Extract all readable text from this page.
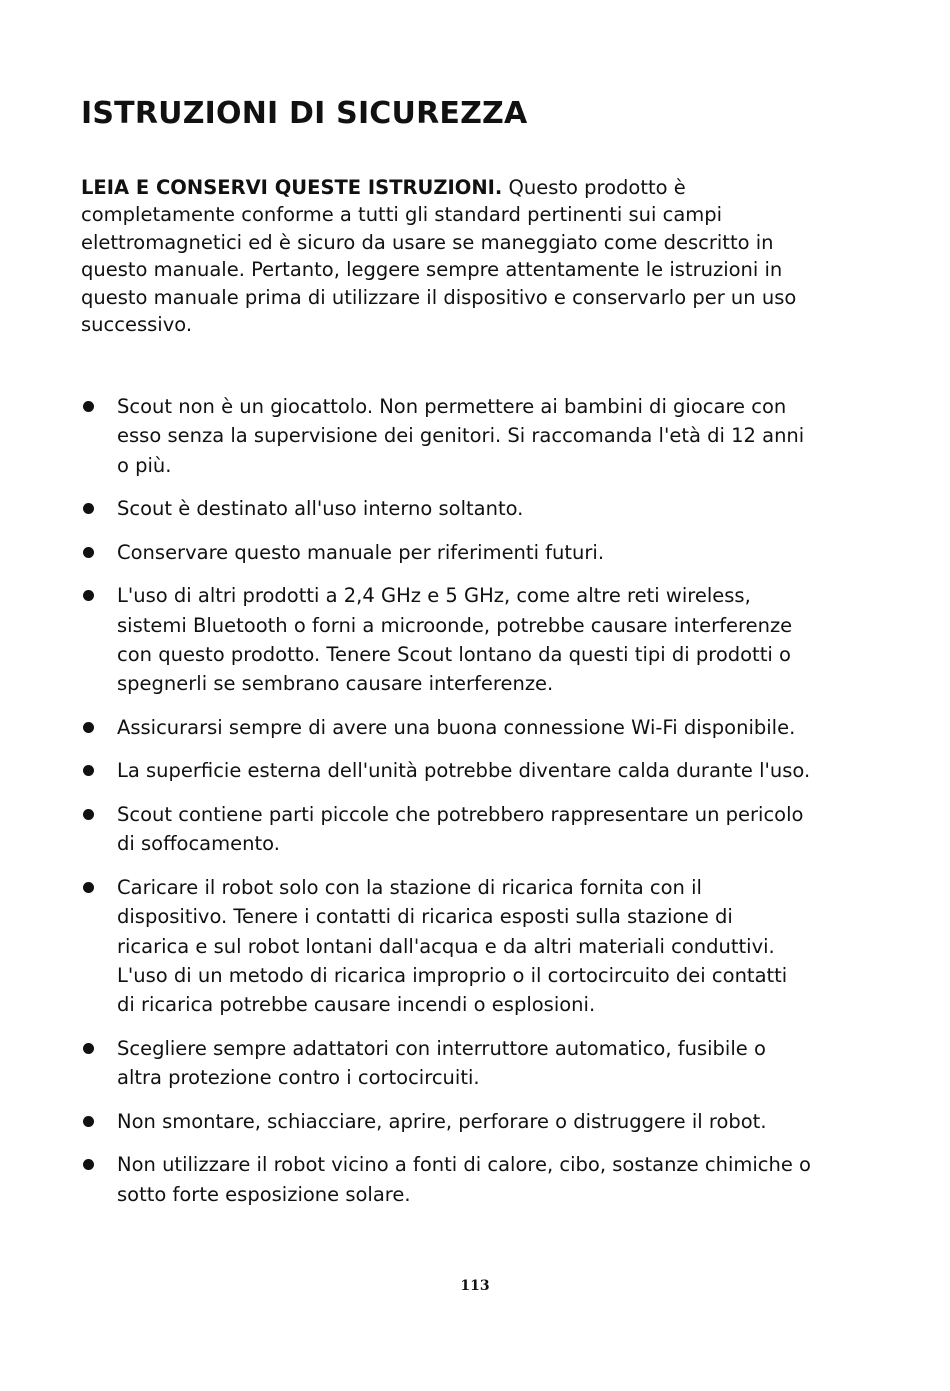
ISTRUZIONI DI SICUREZZA

LEIA E CONSERVI QUESTE ISTRUZIONI. Questo prodotto è completamente conforme a tutti gli standard pertinenti sui campi elettromagnetici ed è sicuro da usare se maneggiato come descritto in questo manuale. Pertanto, leggere sempre attentamente le istruzioni in questo manuale prima di utilizzare il dispositivo e conservarlo per un uso successivo.

Scout non è un giocattolo. Non permettere ai bambini di giocare con esso senza la supervisione dei genitori. Si raccomanda l'età di 12 anni o più.
Scout è destinato all'uso interno soltanto.
Conservare questo manuale per riferimenti futuri.
L'uso di altri prodotti a 2,4 GHz e 5 GHz, come altre reti wireless, sistemi Bluetooth o forni a microonde, potrebbe causare interferenze con questo prodotto. Tenere Scout lontano da questi tipi di prodotti o spegnerli se sembrano causare interferenze.
Assicurarsi sempre di avere una buona connessione Wi-Fi disponibile.
La superficie esterna dell'unità potrebbe diventare calda durante l'uso.
Scout contiene parti piccole che potrebbero rappresentare un pericolo di soffocamento.
Caricare il robot solo con la stazione di ricarica fornita con il dispositivo. Tenere i contatti di ricarica esposti sulla stazione di ricarica e sul robot lontani dall'acqua e da altri materiali conduttivi. L'uso di un metodo di ricarica improprio o il cortocircuito dei contatti di ricarica potrebbe causare incendi o esplosioni.
Scegliere sempre adattatori con interruttore automatico, fusibile o altra protezione contro i cortocircuiti.
Non smontare, schiacciare, aprire, perforare o distruggere il robot.
Non utilizzare il robot vicino a fonti di calore, cibo, sostanze chimiche o sotto forte esposizione solare.
113
